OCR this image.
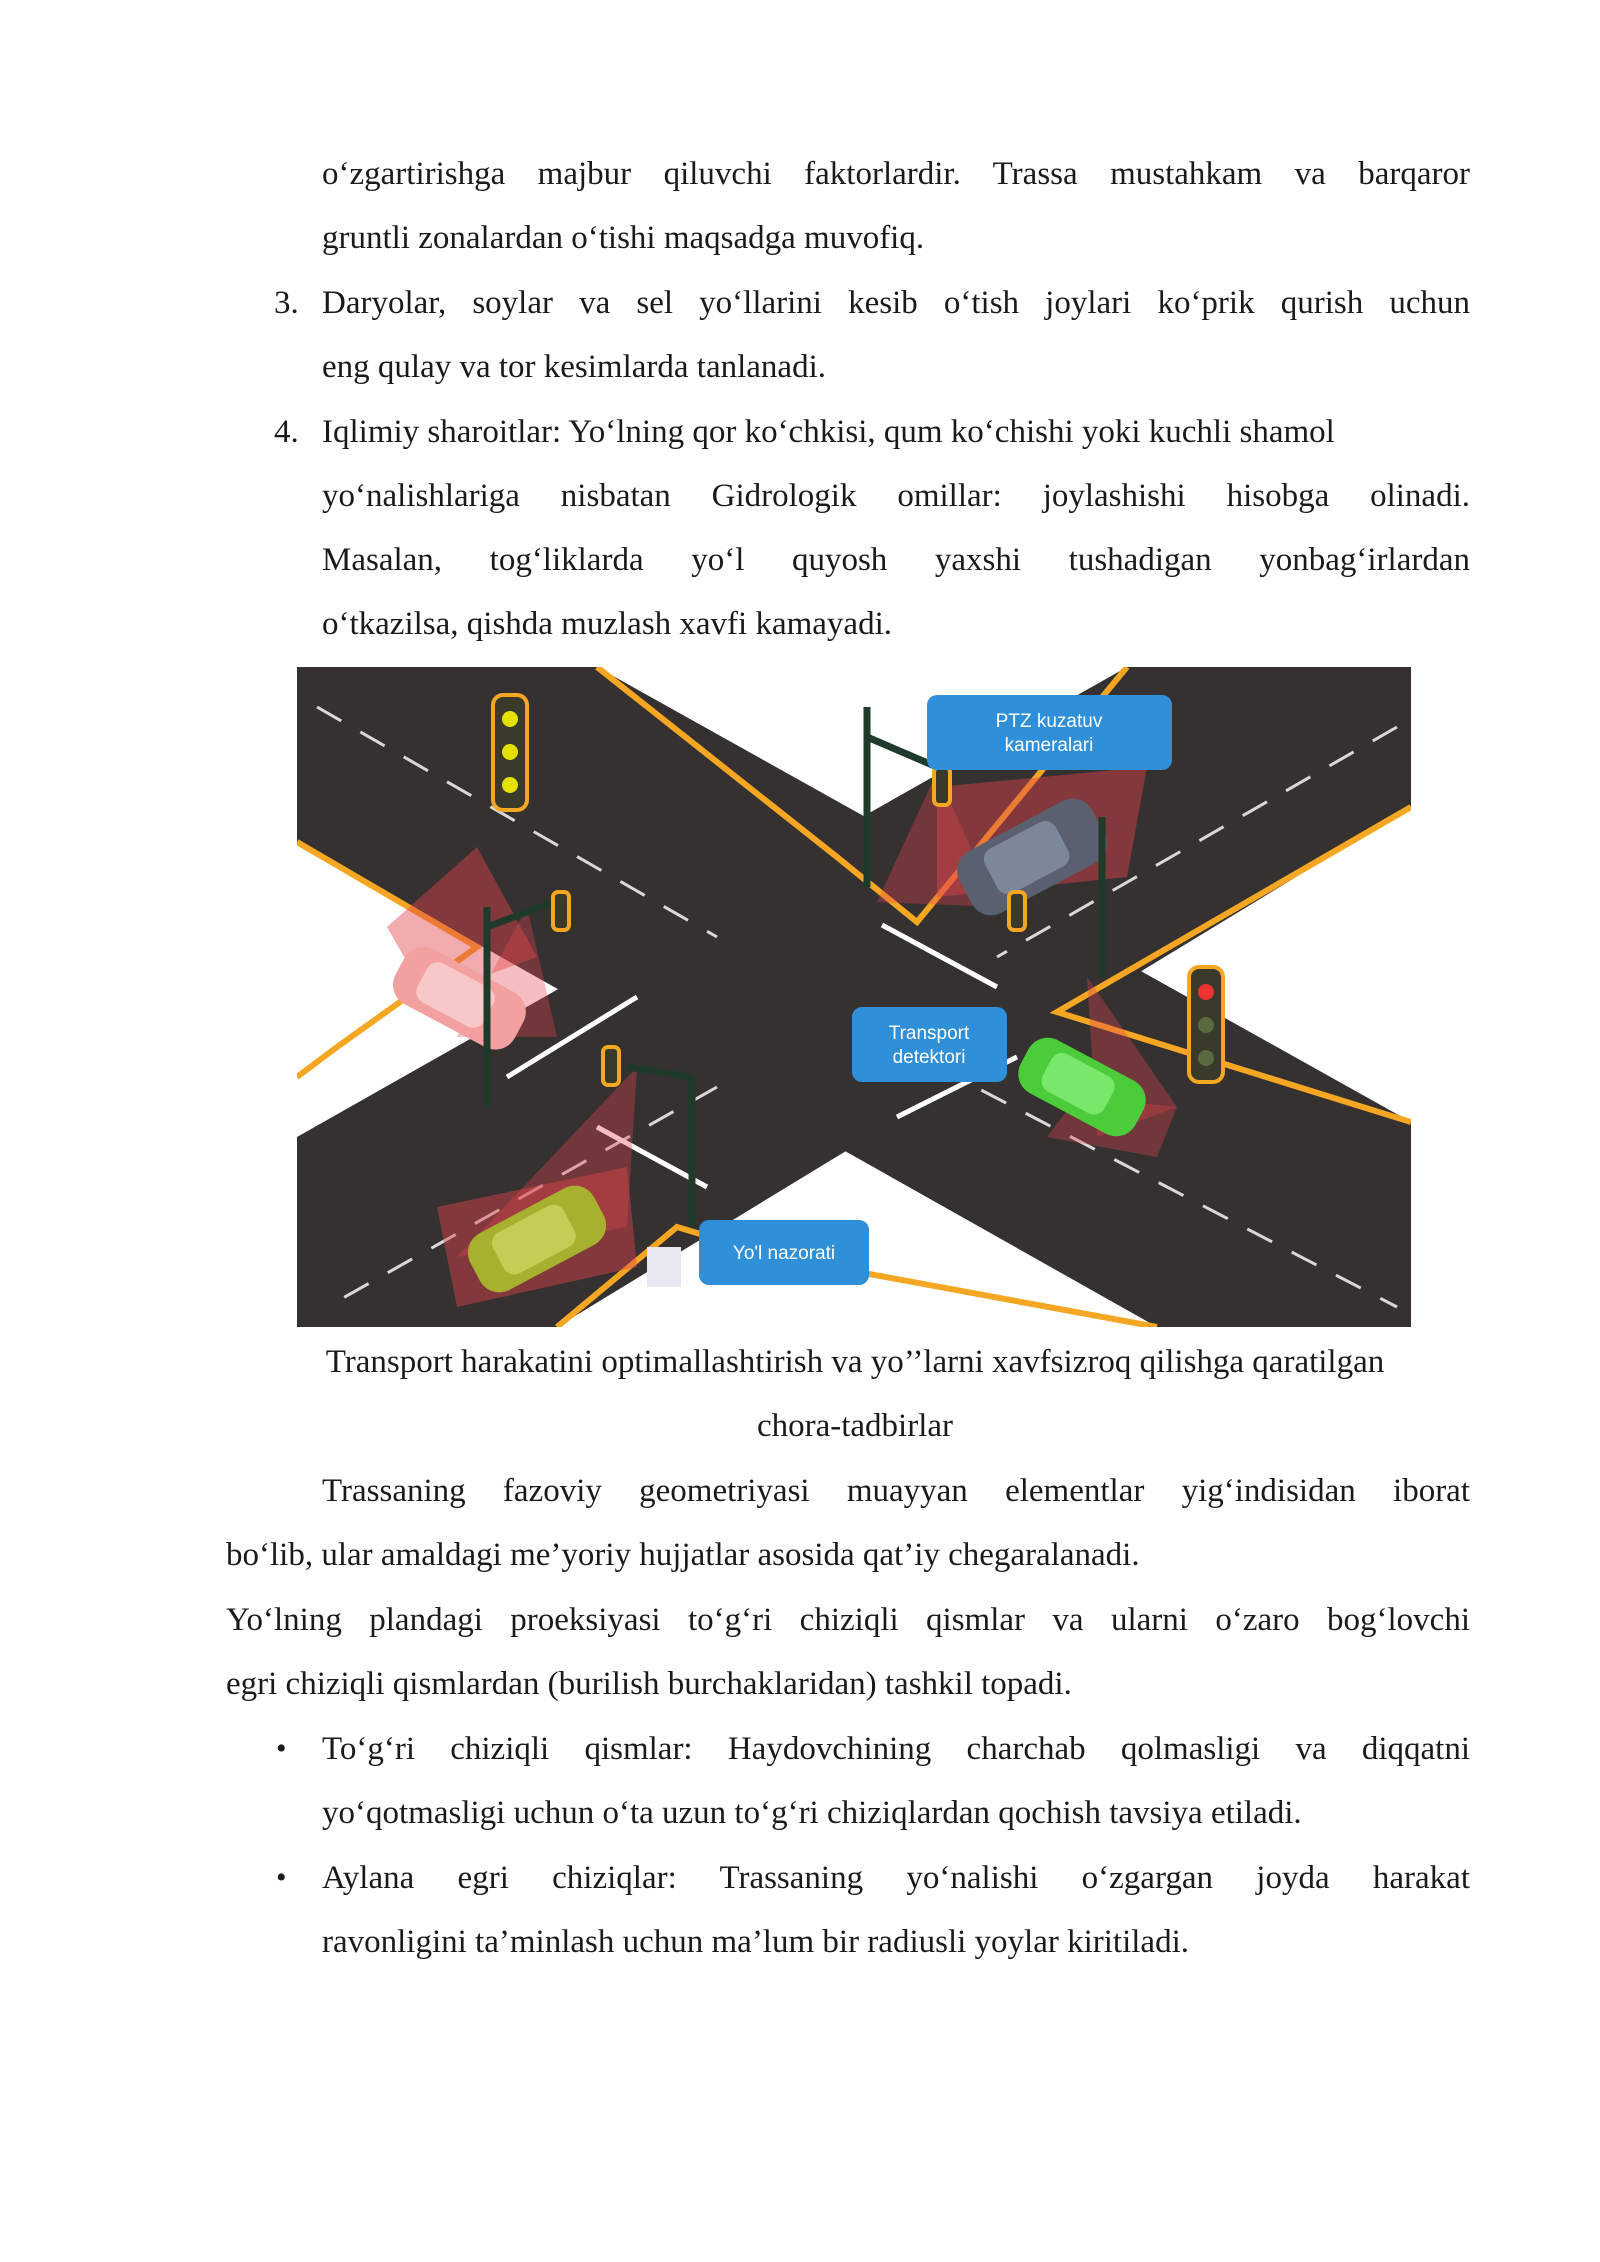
o‘zgartirishga majbur qiluvchi faktorlardir. Trassa mustahkam va barqaror
gruntli zonalardan o‘tishi maqsadga muvofiq.
3. Daryolar, soylar va sel yo‘llarini kesib o‘tish joylari ko‘prik qurish uchun
eng qulay va tor kesimlarda tanlanadi.
4. Iqlimiy sharoitlar: Yo‘lning qor ko‘chkisi, qum ko‘chishi yoki kuchli shamol
yo‘nalishlariga nisbatan Gidrologik omillar: joylashishi hisobga olinadi.
Masalan, tog‘liklarda yo‘l quyosh yaxshi tushadigan yonbag‘irlardan
o‘tkazilsa, qishda muzlash xavfi kamayadi.
PTZ kuzatuv
kameralari
Transport
detektori
Yo'l nazorati
Transport harakatini optimallashtirish va yo’’larni xavfsizroq qilishga qaratilgan
chora-tadbirlar
Trassaning fazoviy geometriyasi muayyan elementlar yig‘indisidan iborat
bo‘lib, ular amaldagi me’yoriy hujjatlar asosida qat’iy chegaralanadi.
Yo‘lning plandagi proeksiyasi to‘g‘ri chiziqli qismlar va ularni o‘zaro bog‘lovchi
egri chiziqli qismlardan (burilish burchaklaridan) tashkil topadi.
• To‘g‘ri chiziqli qismlar: Haydovchining charchab qolmasligi va diqqatni
yo‘qotmasligi uchun o‘ta uzun to‘g‘ri chiziqlardan qochish tavsiya etiladi.
• Aylana egri chiziqlar: Trassaning yo‘nalishi o‘zgargan joyda harakat
ravonligini ta’minlash uchun ma’lum bir radiusli yoylar kiritiladi.
